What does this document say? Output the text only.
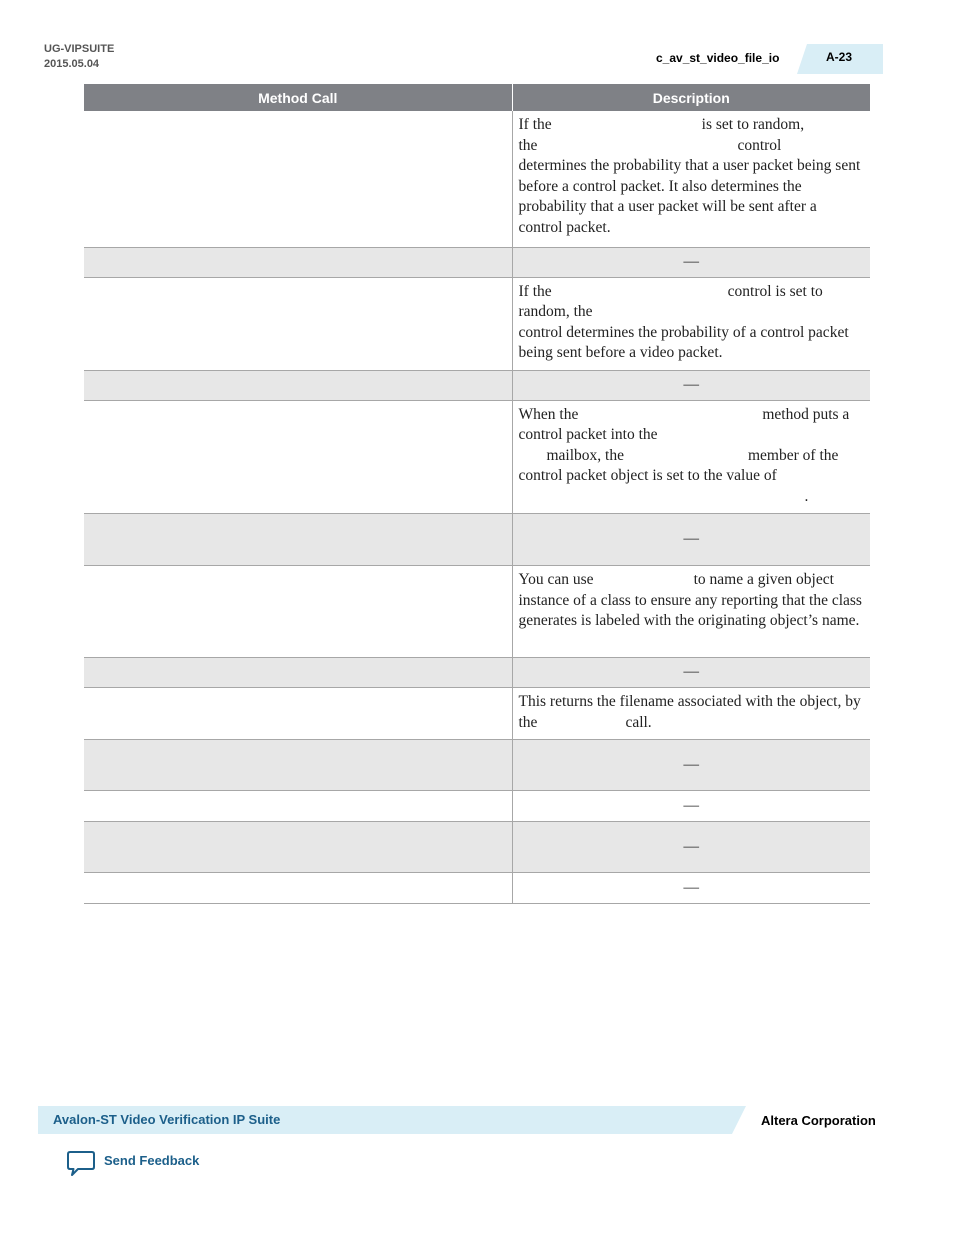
UG-VIPSUITE
2015.05.04	c_av_st_video_file_io	A-23
Method Call	Description
	If the is set to random,
the control
determines the probability that a user packet being sent before a control packet. It also determines the probability that a user packet will be sent after a control packet.
	—
	If the control is set to random, the
control determines the probability of a control packet being sent before a video packet.
	—
	When the method puts a control packet into the
mailbox, the member of the control packet object is set to the value of
.
	—
	You can use to name a given object instance of a class to ensure any reporting that the class generates is labeled with the originating object’s name.
	—
	This returns the filename associated with the object, by the call.
	—
	—
	—
	—
Avalon-ST Video Verification IP Suite	Altera Corporation
Send Feedback
